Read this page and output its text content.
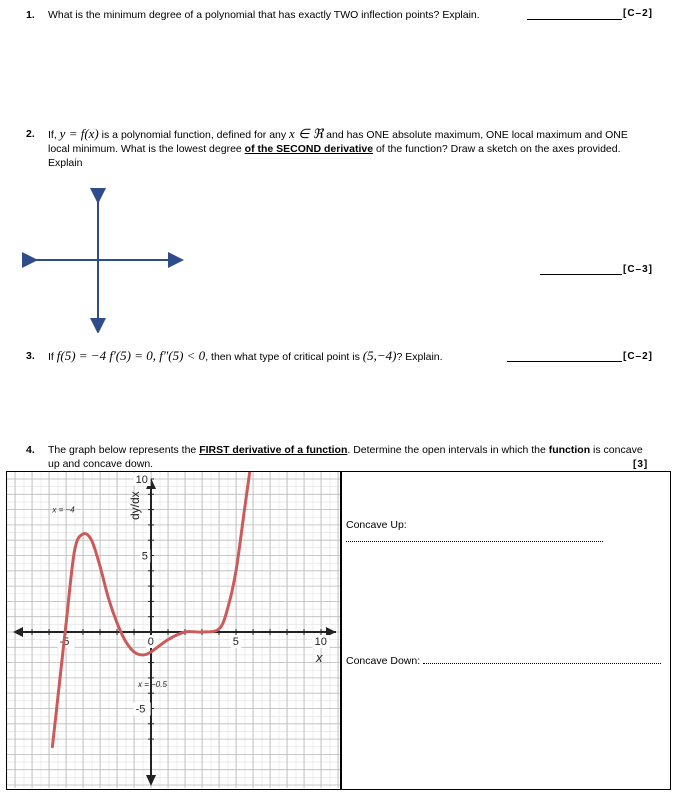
1. What is the minimum degree of a polynomial that has exactly TWO inflection points? Explain.	[C–2]
2. If, y = f(x) is a polynomial function, defined for any x ∈ ℜ and has ONE absolute maximum, ONE local maximum and ONE
local minimum. What is the lowest degree of the SECOND derivative of the function? Draw a sketch on the axes provided.
Explain
[C–3]
3. If f(5) = −4 f′(5) = 0, f″(5) < 0, then what type of critical point is (5,−4)? Explain.	[C–2]
4. The graph below represents the FIRST derivative of a function. Determine the open intervals in which the function is concave
up and concave down.	[3]
-5	0	5	10
10
5
-5
x
dy/dx
x = −4
x = −0.5
Concave Up:
Concave Down:
